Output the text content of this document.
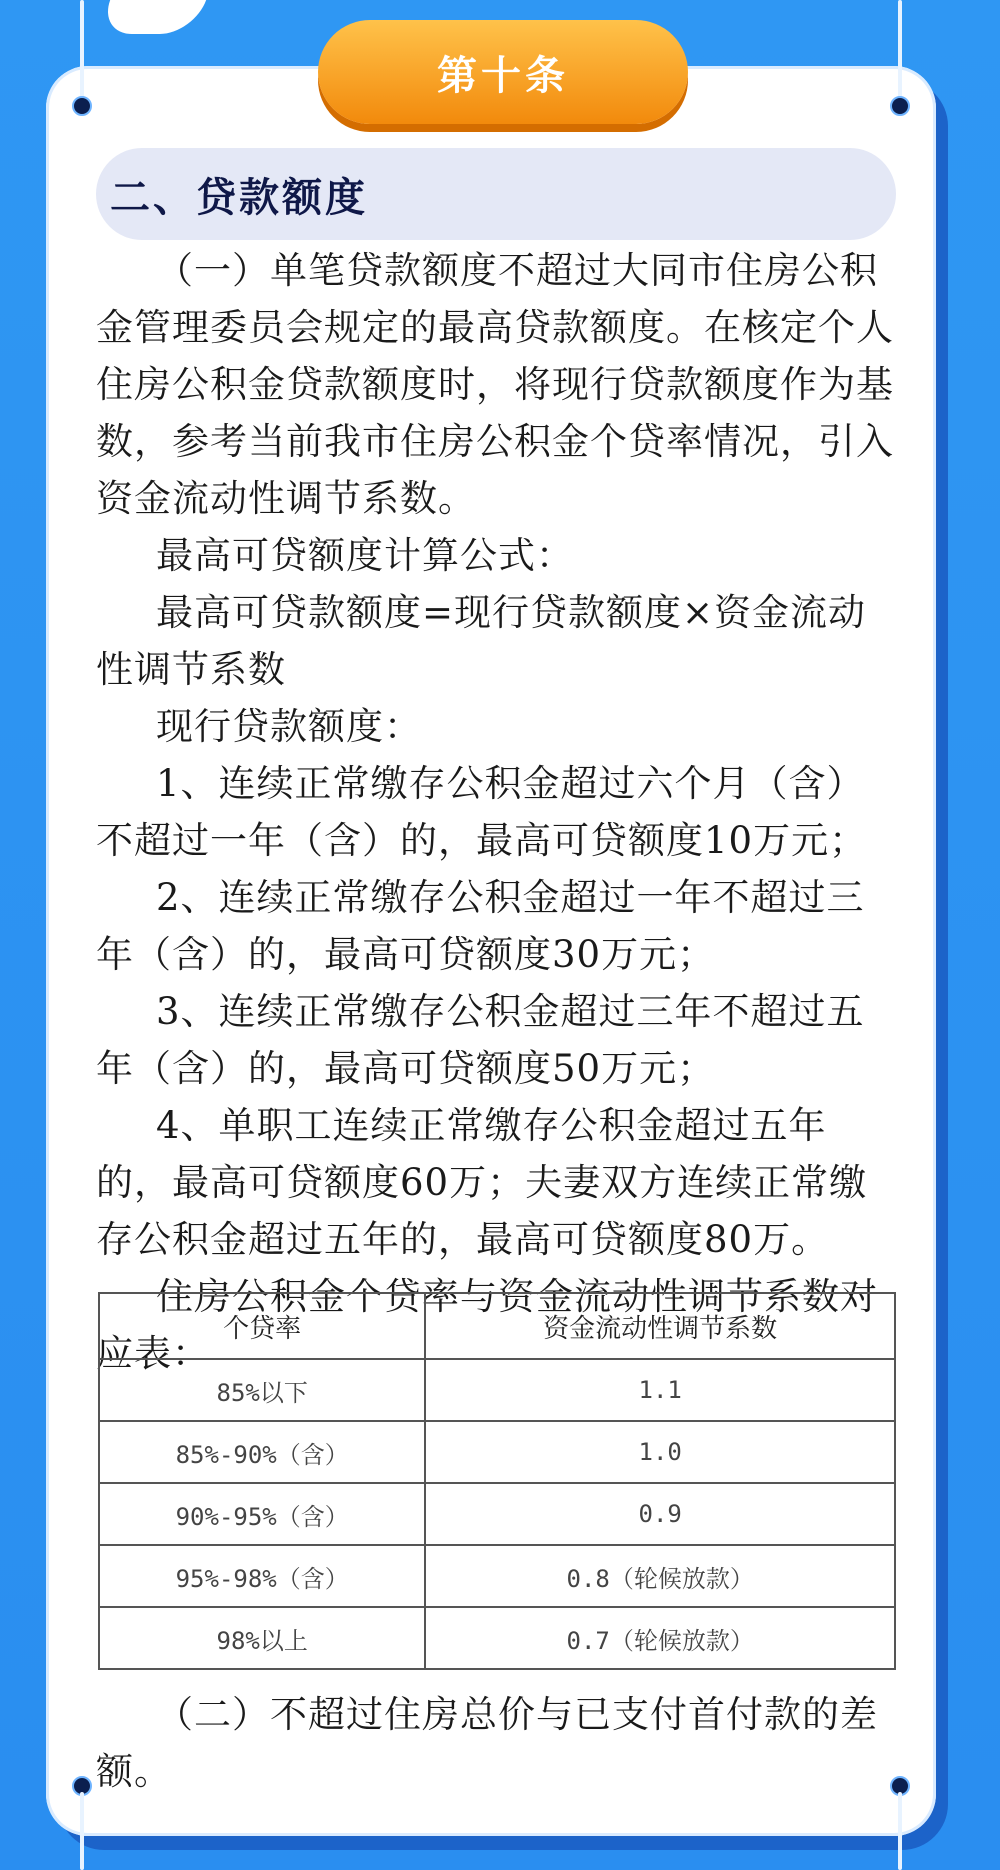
第十条
二、贷款额度

（一）单笔贷款额度不超过大同市住房公积金管理委员会规定的最高贷款额度。在核定个人住房公积金贷款额度时，将现行贷款额度作为基数，参考当前我市住房公积金个贷率情况，引入资金流动性调节系数。

最高可贷额度计算公式：

最高可贷款额度=现行贷款额度×资金流动性调节系数

现行贷款额度：

1、连续正常缴存公积金超过六个月（含）不超过一年（含）的，最高可贷额度10万元；

2、连续正常缴存公积金超过一年不超过三年（含）的，最高可贷额度30万元；

3、连续正常缴存公积金超过三年不超过五年（含）的，最高可贷额度50万元；

4、单职工连续正常缴存公积金超过五年的，最高可贷额度60万；夫妻双方连续正常缴存公积金超过五年的，最高可贷额度80万。

住房公积金个贷率与资金流动性调节系数对应表：

个贷率	资金流动性调节系数
85%以下	1.1
85%-90%（含）	1.0
90%-95%（含）	0.9
95%-98%（含）	0.8（轮候放款）
98%以上	0.7（轮候放款）

（二）不超过住房总价与已支付首付款的差额。
